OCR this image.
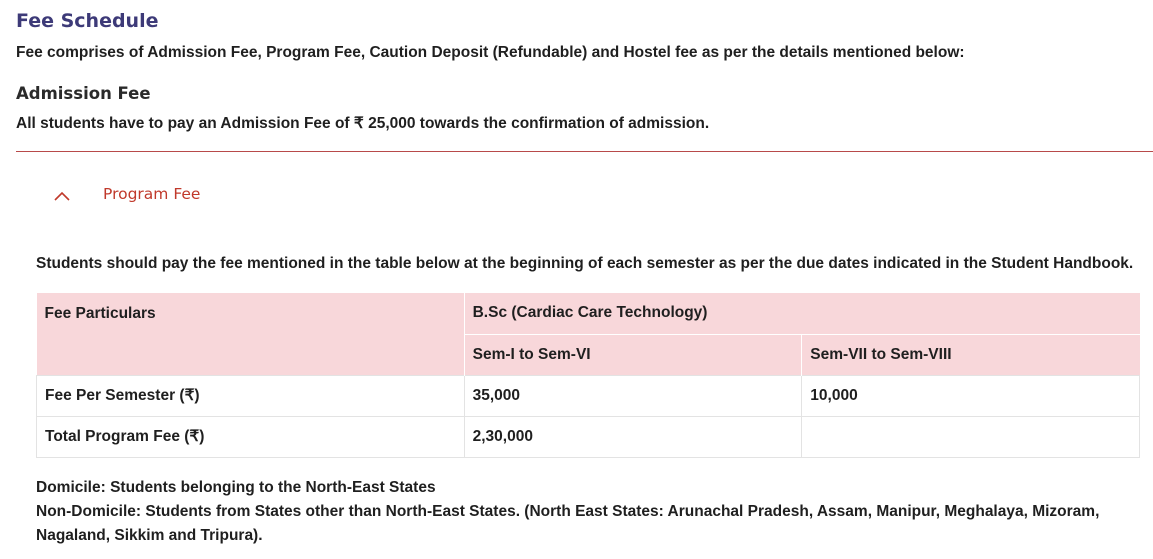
Fee Schedule

Fee comprises of Admission Fee, Program Fee, Caution Deposit (Refundable) and Hostel fee as per the details mentioned below:

Admission Fee

All students have to pay an Admission Fee of ₹ 25,000 towards the confirmation of admission.

Program Fee

Students should pay the fee mentioned in the table below at the beginning of each semester as per the due dates indicated in the Student Handbook.

Fee Particulars	B.Sc (Cardiac Care Technology)	
	Sem-I to Sem-VI	Sem-VII to Sem-VIII
Fee Per Semester (₹)	35,000	10,000
Total Program Fee (₹)	2,30,000	

Domicile: Students belonging to the North-East States

Non-Domicile: Students from States other than North-East States. (North East States: Arunachal Pradesh, Assam, Manipur, Meghalaya, Mizoram, Nagaland, Sikkim and Tripura).
